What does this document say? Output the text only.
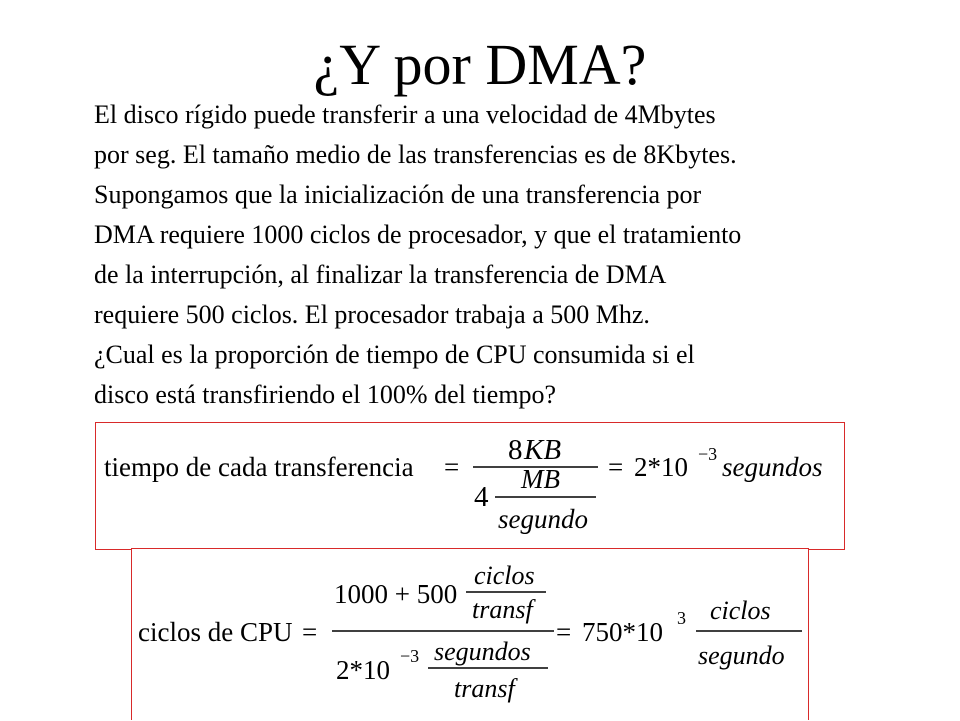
¿Y por DMA?
El disco rígido puede transferir a una velocidad de 4Mbytes
por seg. El tamaño medio de las transferencias es de 8Kbytes.
Supongamos que la inicialización de una transferencia por
DMA requiere 1000 ciclos de procesador, y que el tratamiento
de la interrupción, al finalizar la transferencia de DMA
requiere 500 ciclos. El procesador trabaja a 500 Mhz.
¿Cual es la proporción de tiempo de CPU consumida si el
disco está transfiriendo el 100% del tiempo?
tiempo de cada transferencia =
8 KB
4
MB
segundo
= 2*10 −3 segundos
ciclos de CPU =
1000 + 500
ciclos
transf
2*10 −3 segundos
transf
= 750*10 3 ciclos
segundo
